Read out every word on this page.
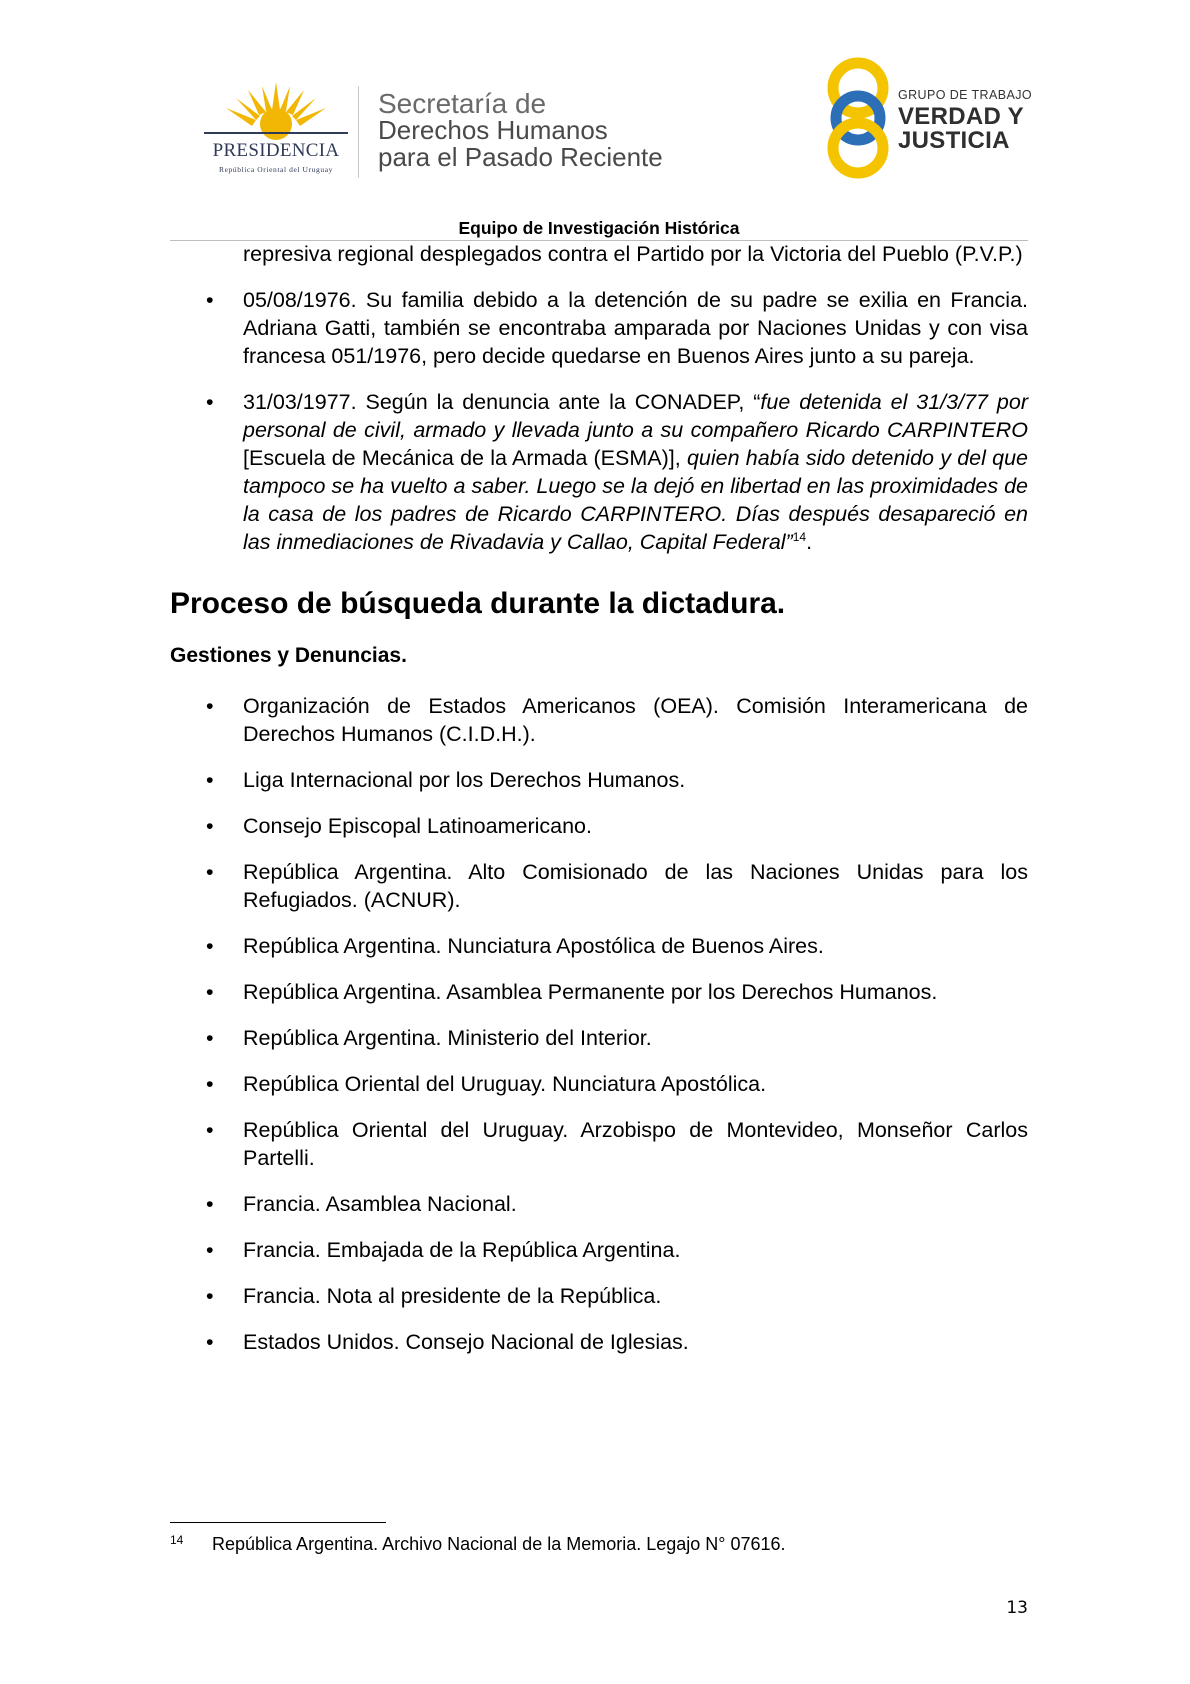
PRESIDENCIA
República Oriental del Uruguay
Secretaría de
Derechos Humanos
para el Pasado Reciente
GRUPO DE TRABAJO
VERDAD Y
JUSTICIA
Equipo de Investigación Histórica
represiva regional desplegados contra el Partido por la Victoria del Pueblo (P.V.P.)
• 05/08/1976. Su familia debido a la detención de su padre se exilia en Francia. Adriana Gatti, también se encontraba amparada por Naciones Unidas y con visa francesa 051/1976, pero decide quedarse en Buenos Aires junto a su pareja.
• 31/03/1977. Según la denuncia ante la CONADEP, “fue detenida el 31/3/77 por personal de civil, armado y llevada junto a su compañero Ricardo CARPINTERO [Escuela de Mecánica de la Armada (ESMA)], quien había sido detenido y del que tampoco se ha vuelto a saber. Luego se la dejó en libertad en las proximidades de la casa de los padres de Ricardo CARPINTERO. Días después desapareció en las inmediaciones de Rivadavia y Callao, Capital Federal”$^{14}$.
Proceso de búsqueda durante la dictadura.
Gestiones y Denuncias.
• Organización de Estados Americanos (OEA). Comisión Interamericana de Derechos Humanos (C.I.D.H.).
• Liga Internacional por los Derechos Humanos.
• Consejo Episcopal Latinoamericano.
• República Argentina. Alto Comisionado de las Naciones Unidas para los Refugiados. (ACNUR).
• República Argentina. Nunciatura Apostólica de Buenos Aires.
• República Argentina. Asamblea Permanente por los Derechos Humanos.
• República Argentina. Ministerio del Interior.
• República Oriental del Uruguay. Nunciatura Apostólica.
• República Oriental del Uruguay. Arzobispo de Montevideo, Monseñor Carlos Partelli.
• Francia. Asamblea Nacional.
• Francia. Embajada de la República Argentina.
• Francia. Nota al presidente de la República.
• Estados Unidos. Consejo Nacional de Iglesias.
14 República Argentina. Archivo Nacional de la Memoria. Legajo N° 07616.
13
